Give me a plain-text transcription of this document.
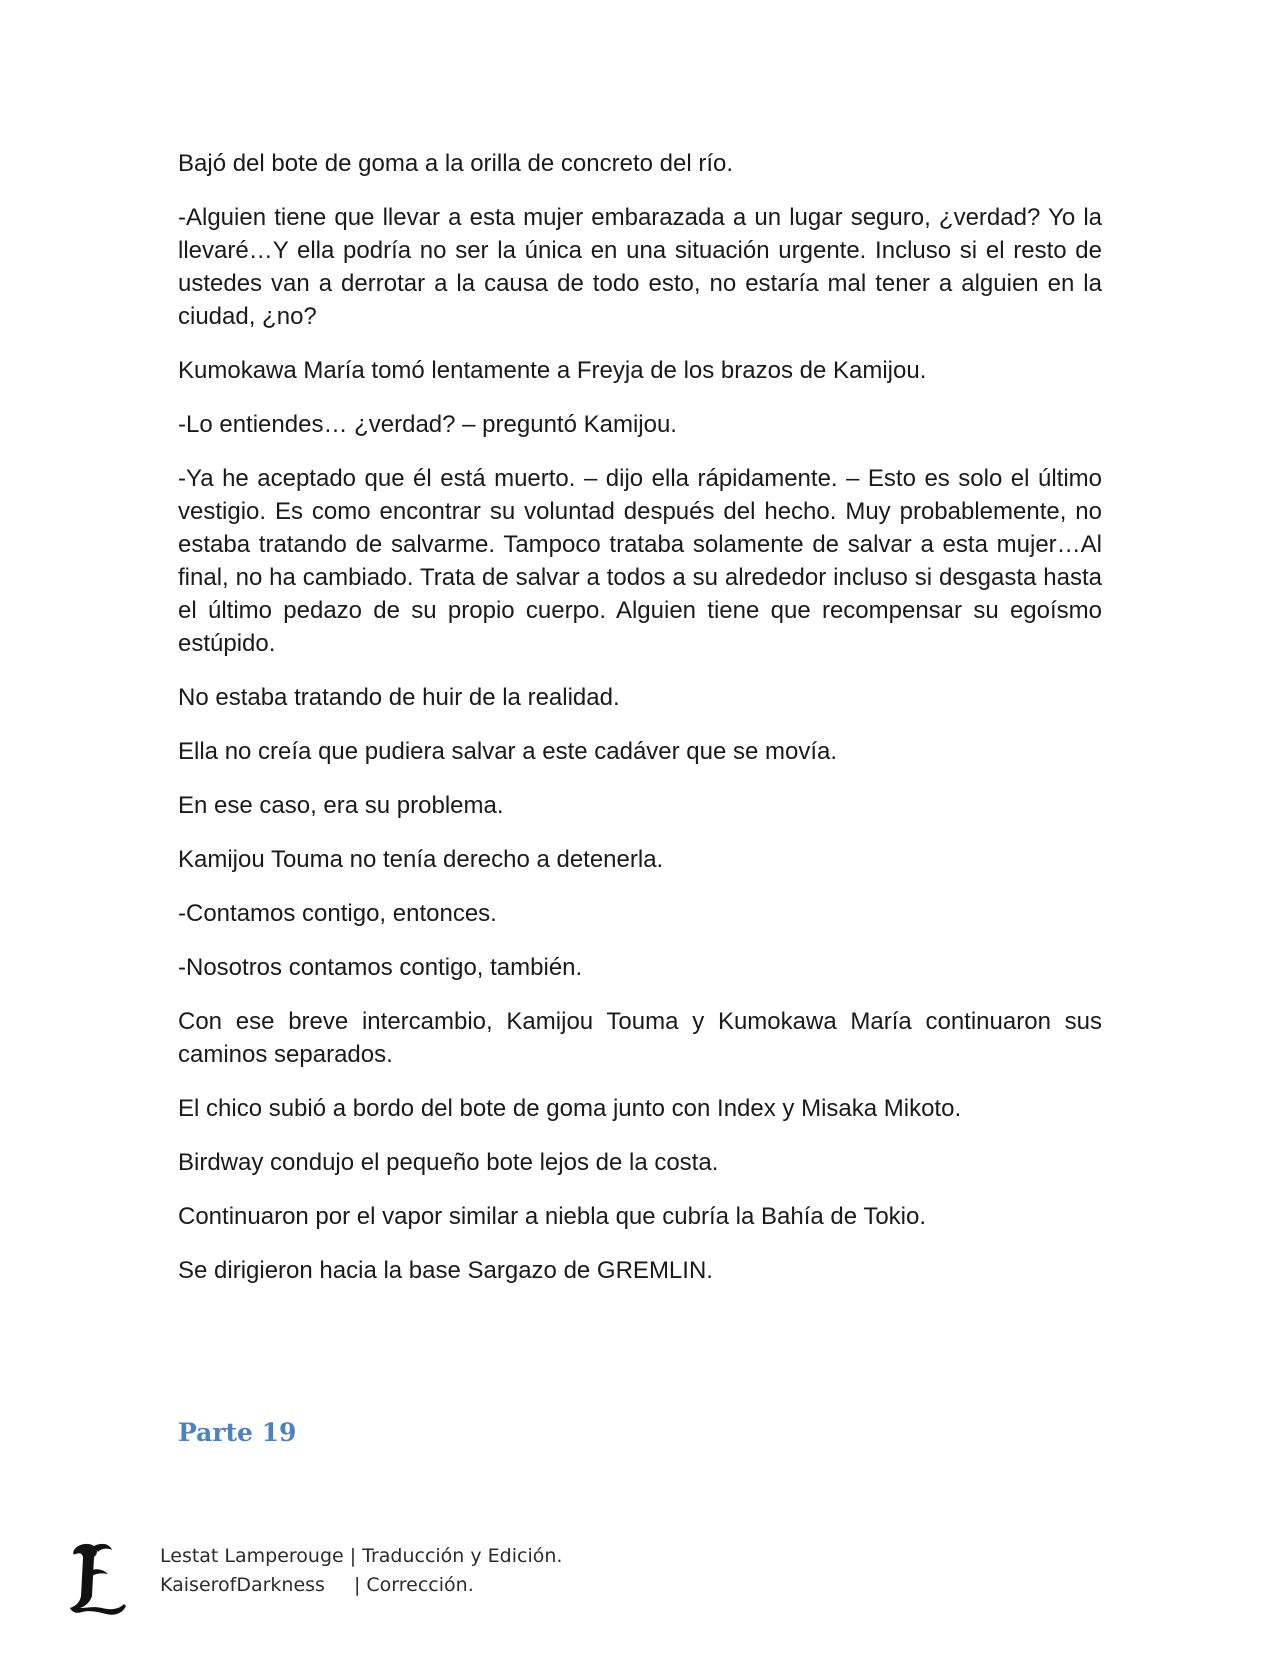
Bajó del bote de goma a la orilla de concreto del río.

-Alguien tiene que llevar a esta mujer embarazada a un lugar seguro, ¿verdad? Yo la llevaré…Y ella podría no ser la única en una situación urgente. Incluso si el resto de ustedes van a derrotar a la causa de todo esto, no estaría mal tener a alguien en la ciudad, ¿no?

Kumokawa María tomó lentamente a Freyja de los brazos de Kamijou.

-Lo entiendes… ¿verdad? – preguntó Kamijou.

-Ya he aceptado que él está muerto. – dijo ella rápidamente. – Esto es solo el último vestigio. Es como encontrar su voluntad después del hecho. Muy probablemente, no estaba tratando de salvarme. Tampoco trataba solamente de salvar a esta mujer…Al final, no ha cambiado. Trata de salvar a todos a su alrededor incluso si desgasta hasta el último pedazo de su propio cuerpo. Alguien tiene que recompensar su egoísmo estúpido.

No estaba tratando de huir de la realidad.

Ella no creía que pudiera salvar a este cadáver que se movía.

En ese caso, era su problema.

Kamijou Touma no tenía derecho a detenerla.

-Contamos contigo, entonces.

-Nosotros contamos contigo, también.

Con ese breve intercambio, Kamijou Touma y Kumokawa María continuaron sus caminos separados.

El chico subió a bordo del bote de goma junto con Index y Misaka Mikoto.

Birdway condujo el pequeño bote lejos de la costa.

Continuaron por el vapor similar a niebla que cubría la Bahía de Tokio.

Se dirigieron hacia la base Sargazo de GREMLIN.

Parte 19
Lestat Lamperouge | Traducción y Edición.
KaiserofDarkness | Corrección.
